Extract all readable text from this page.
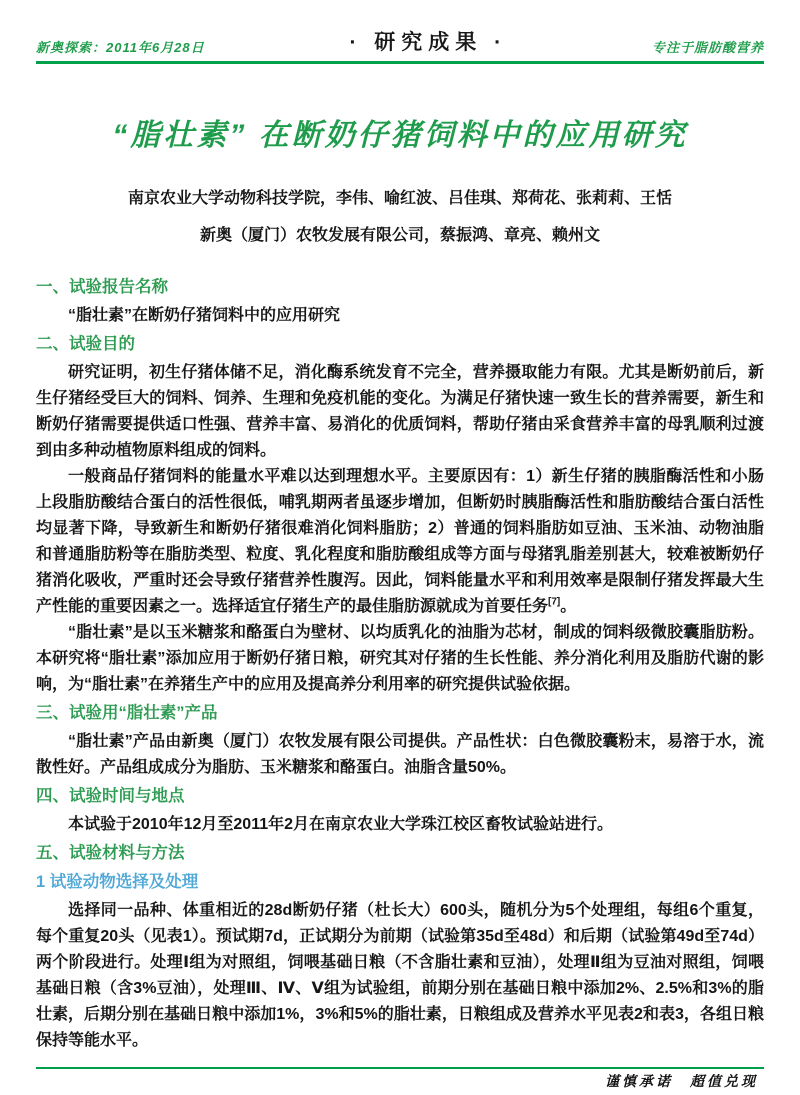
新奥探索：2011年6月28日	· 研究成果 ·	专注于脂肪酸营养
“脂壮素” 在断奶仔猪饲料中的应用研究
南京农业大学动物科技学院，李伟、喻红波、吕佳琪、郑荷花、张莉莉、王恬
新奥（厦门）农牧发展有限公司，蔡振鸿、章亮、赖州文
一、试验报告名称

“脂壮素”在断奶仔猪饲料中的应用研究

二、试验目的

研究证明，初生仔猪体储不足，消化酶系统发育不完全，营养摄取能力有限。尤其是断奶前后，新生仔猪经受巨大的饲料、饲养、生理和免疫机能的变化。为满足仔猪快速一致生长的营养需要，新生和断奶仔猪需要提供适口性强、营养丰富、易消化的优质饲料，帮助仔猪由采食营养丰富的母乳顺利过渡到由多种动植物原料组成的饲料。

一般商品仔猪饲料的能量水平难以达到理想水平。主要原因有：1）新生仔猪的胰脂酶活性和小肠上段脂肪酸结合蛋白的活性很低，哺乳期两者虽逐步增加，但断奶时胰脂酶活性和脂肪酸结合蛋白活性均显著下降，导致新生和断奶仔猪很难消化饲料脂肪；2）普通的饲料脂肪如豆油、玉米油、动物油脂和普通脂肪粉等在脂肪类型、粒度、乳化程度和脂肪酸组成等方面与母猪乳脂差别甚大，较难被断奶仔猪消化吸收，严重时还会导致仔猪营养性腹泻。因此，饲料能量水平和利用效率是限制仔猪发挥最大生产性能的重要因素之一。选择适宜仔猪生产的最佳脂肪源就成为首要任务[7]。

“脂壮素”是以玉米糖浆和酪蛋白为壁材、以均质乳化的油脂为芯材，制成的饲料级微胶囊脂肪粉。本研究将“脂壮素”添加应用于断奶仔猪日粮，研究其对仔猪的生长性能、养分消化利用及脂肪代谢的影响，为“脂壮素”在养猪生产中的应用及提高养分利用率的研究提供试验依据。

三、试验用“脂壮素”产品

“脂壮素”产品由新奥（厦门）农牧发展有限公司提供。产品性状：白色微胶囊粉末，易溶于水，流散性好。产品组成成分为脂肪、玉米糖浆和酪蛋白。油脂含量50%。

四、试验时间与地点

本试验于2010年12月至2011年2月在南京农业大学珠江校区畜牧试验站进行。

五、试验材料与方法
1 试验动物选择及处理

选择同一品种、体重相近的28d断奶仔猪（杜长大）600头，随机分为5个处理组，每组6个重复，每个重复20头（见表1）。预试期7d，正试期分为前期（试验第35d至48d）和后期（试验第49d至74d）两个阶段进行。处理Ⅰ组为对照组，饲喂基础日粮（不含脂壮素和豆油），处理Ⅱ组为豆油对照组，饲喂基础日粮（含3%豆油），处理Ⅲ、Ⅳ、Ⅴ组为试验组，前期分别在基础日粮中添加2%、2.5%和3%的脂壮素，后期分别在基础日粮中添加1%，3%和5%的脂壮素，日粮组成及营养水平见表2和表3，各组日粮保持等能水平。

谨慎承诺　超值兑现
